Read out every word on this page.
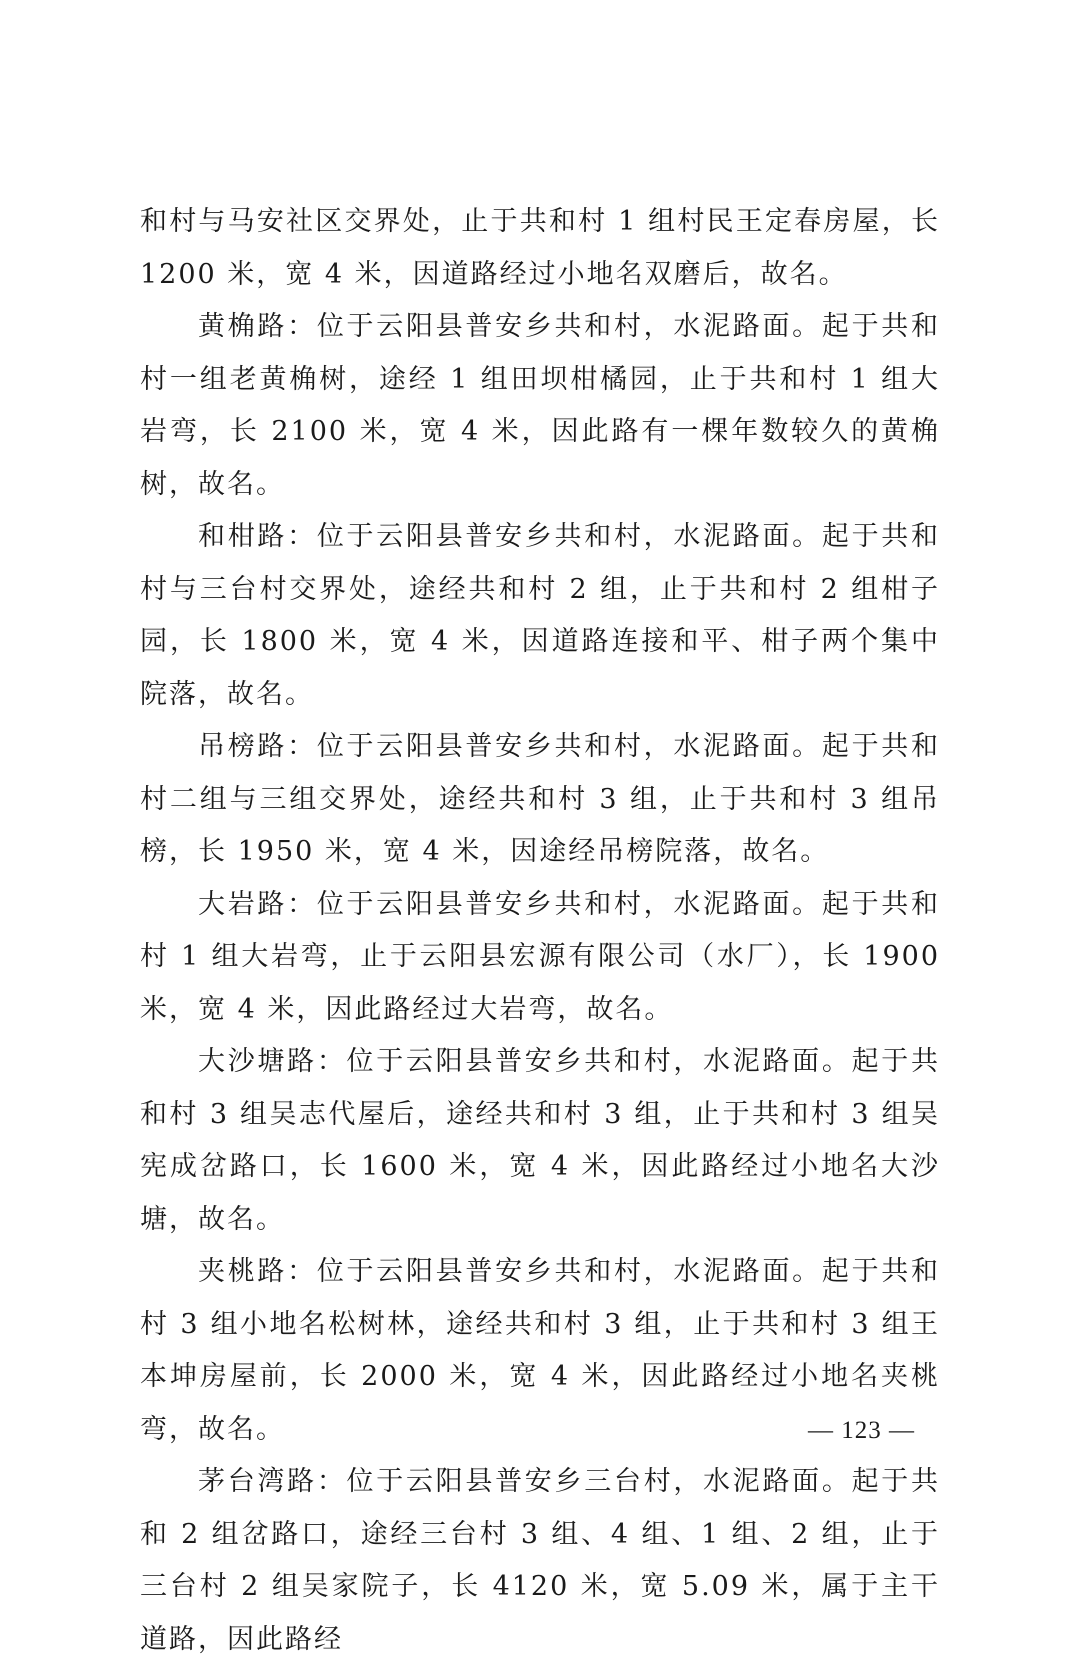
和村与马安社区交界处，止于共和村 1 组村民王定春房屋，长 1200 米，宽 4 米，因道路经过小地名双磨后，故名。

黄桷路：位于云阳县普安乡共和村，水泥路面。起于共和村一组老黄桷树，途经 1 组田坝柑橘园，止于共和村 1 组大岩弯，长 2100 米，宽 4 米，因此路有一棵年数较久的黄桷树，故名。

和柑路：位于云阳县普安乡共和村，水泥路面。起于共和村与三台村交界处，途经共和村 2 组，止于共和村 2 组柑子园，长 1800 米，宽 4 米，因道路连接和平、柑子两个集中院落，故名。

吊榜路：位于云阳县普安乡共和村，水泥路面。起于共和村二组与三组交界处，途经共和村 3 组，止于共和村 3 组吊榜，长 1950 米，宽 4 米，因途经吊榜院落，故名。

大岩路：位于云阳县普安乡共和村，水泥路面。起于共和村 1 组大岩弯，止于云阳县宏源有限公司（水厂），长 1900 米，宽 4 米，因此路经过大岩弯，故名。

大沙塘路：位于云阳县普安乡共和村，水泥路面。起于共和村 3 组吴志代屋后，途经共和村 3 组，止于共和村 3 组吴宪成岔路口，长 1600 米，宽 4 米，因此路经过小地名大沙塘，故名。

夹桃路：位于云阳县普安乡共和村，水泥路面。起于共和村 3 组小地名松树林，途经共和村 3 组，止于共和村 3 组王本坤房屋前，长 2000 米，宽 4 米，因此路经过小地名夹桃弯，故名。

茅台湾路：位于云阳县普安乡三台村，水泥路面。起于共和 2 组岔路口，途经三台村 3 组、4 组、1 组、2 组，止于三台村 2 组吴家院子，长 4120 米，宽 5.09 米，属于主干道路，因此路经

— 123 —
